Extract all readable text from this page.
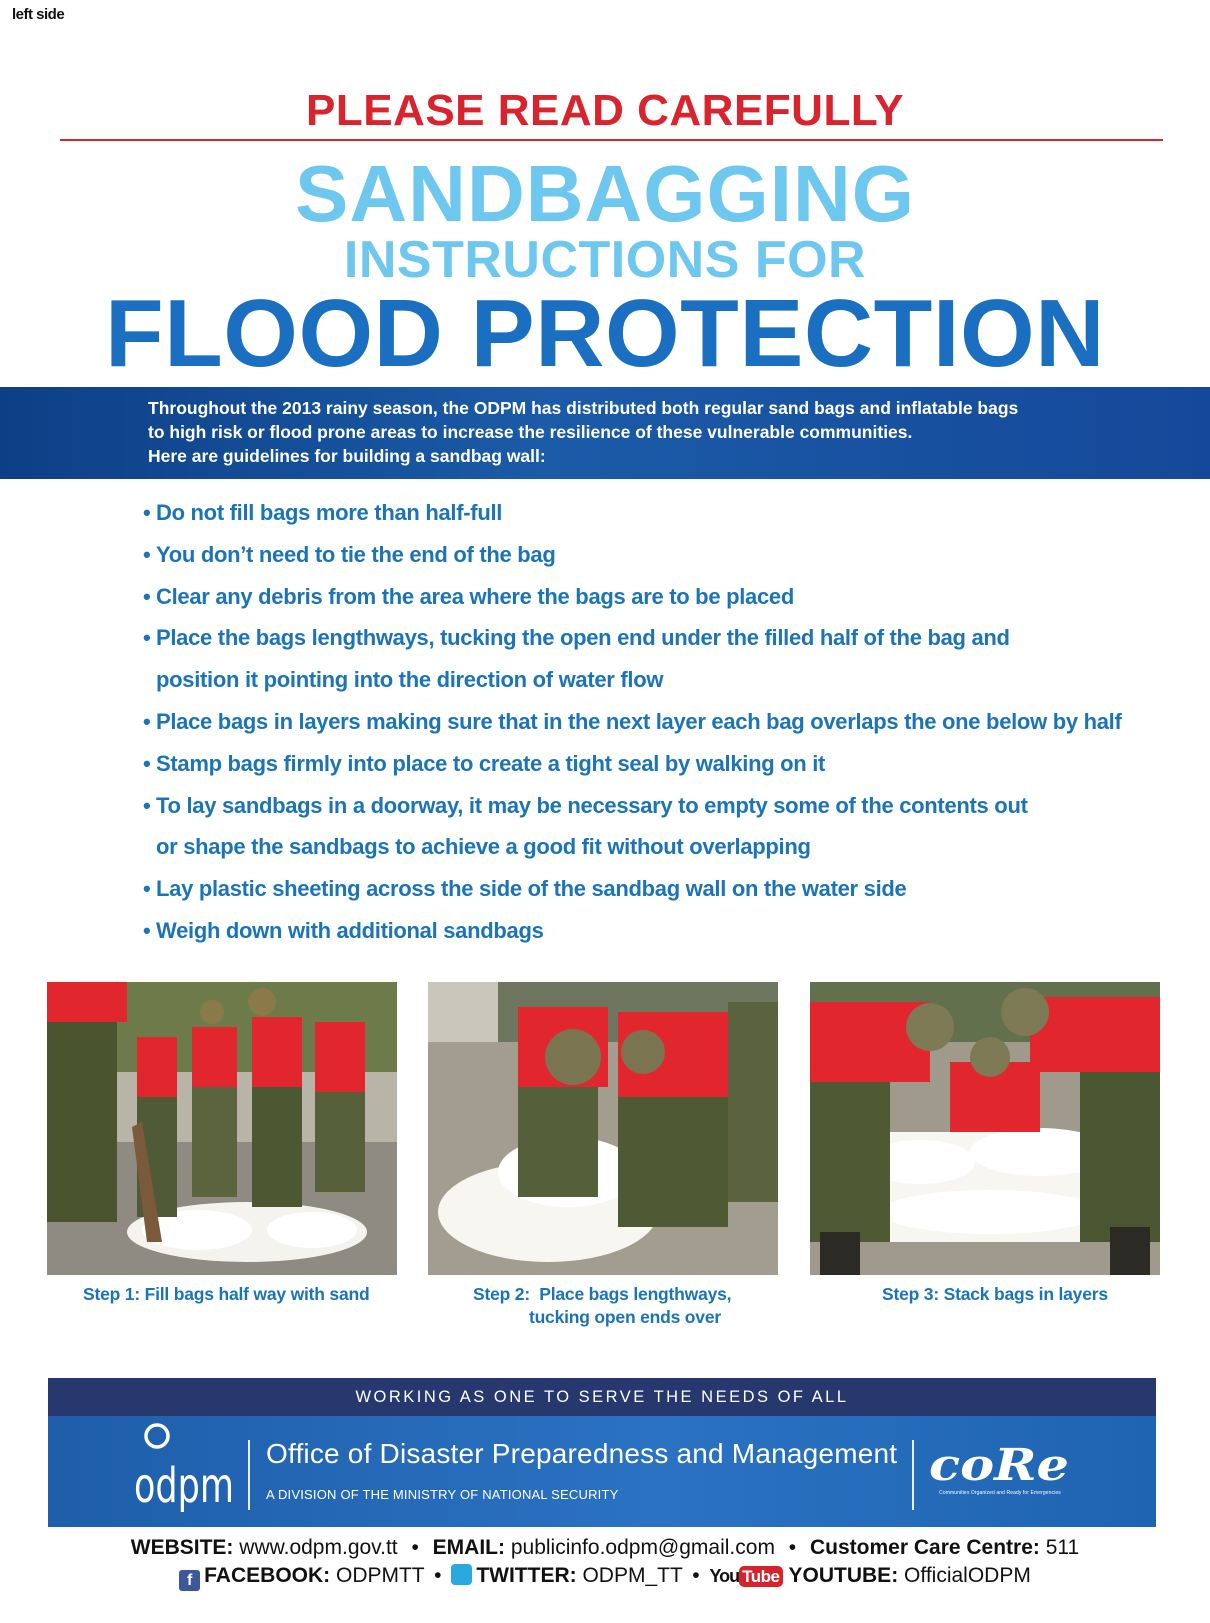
left side
PLEASE READ CAREFULLY
SANDBAGGING
INSTRUCTIONS FOR
FLOOD PROTECTION
Throughout the 2013 rainy season, the ODPM has distributed both regular sand bags and inflatable bags
to high risk or flood prone areas to increase the resilience of these vulnerable communities.
Here are guidelines for building a sandbag wall:
• Do not fill bags more than half-full
• You don’t need to tie the end of the bag
• Clear any debris from the area where the bags are to be placed
• Place the bags lengthways, tucking the open end under the filled half of the bag and position it pointing into the direction of water flow
• Place bags in layers making sure that in the next layer each bag overlaps the one below by half
• Stamp bags firmly into place to create a tight seal by walking on it
• To lay sandbags in a doorway, it may be necessary to empty some of the contents out or shape the sandbags to achieve a good fit without overlapping
• Lay plastic sheeting across the side of the sandbag wall on the water side
• Weigh down with additional sandbags
Step 1: Fill bags half way with sand	Step 2:  Place bags lengthways,
tucking open ends over
Step 3: Stack bags in layers
WORKING AS ONE TO SERVE THE NEEDS OF ALL
odpm
Office of Disaster Preparedness and Management
A DIVISION OF THE MINISTRY OF NATIONAL SECURITY
coRe
Communities Organized and Ready for Emergencies
WEBSITE: www.odpm.gov.tt • EMAIL: publicinfo.odpm@gmail.com • Customer Care Centre: 511
f FACEBOOK: ODPMTT • TWITTER: ODPM_TT • You Tube YOUTUBE: OfficialODPM
